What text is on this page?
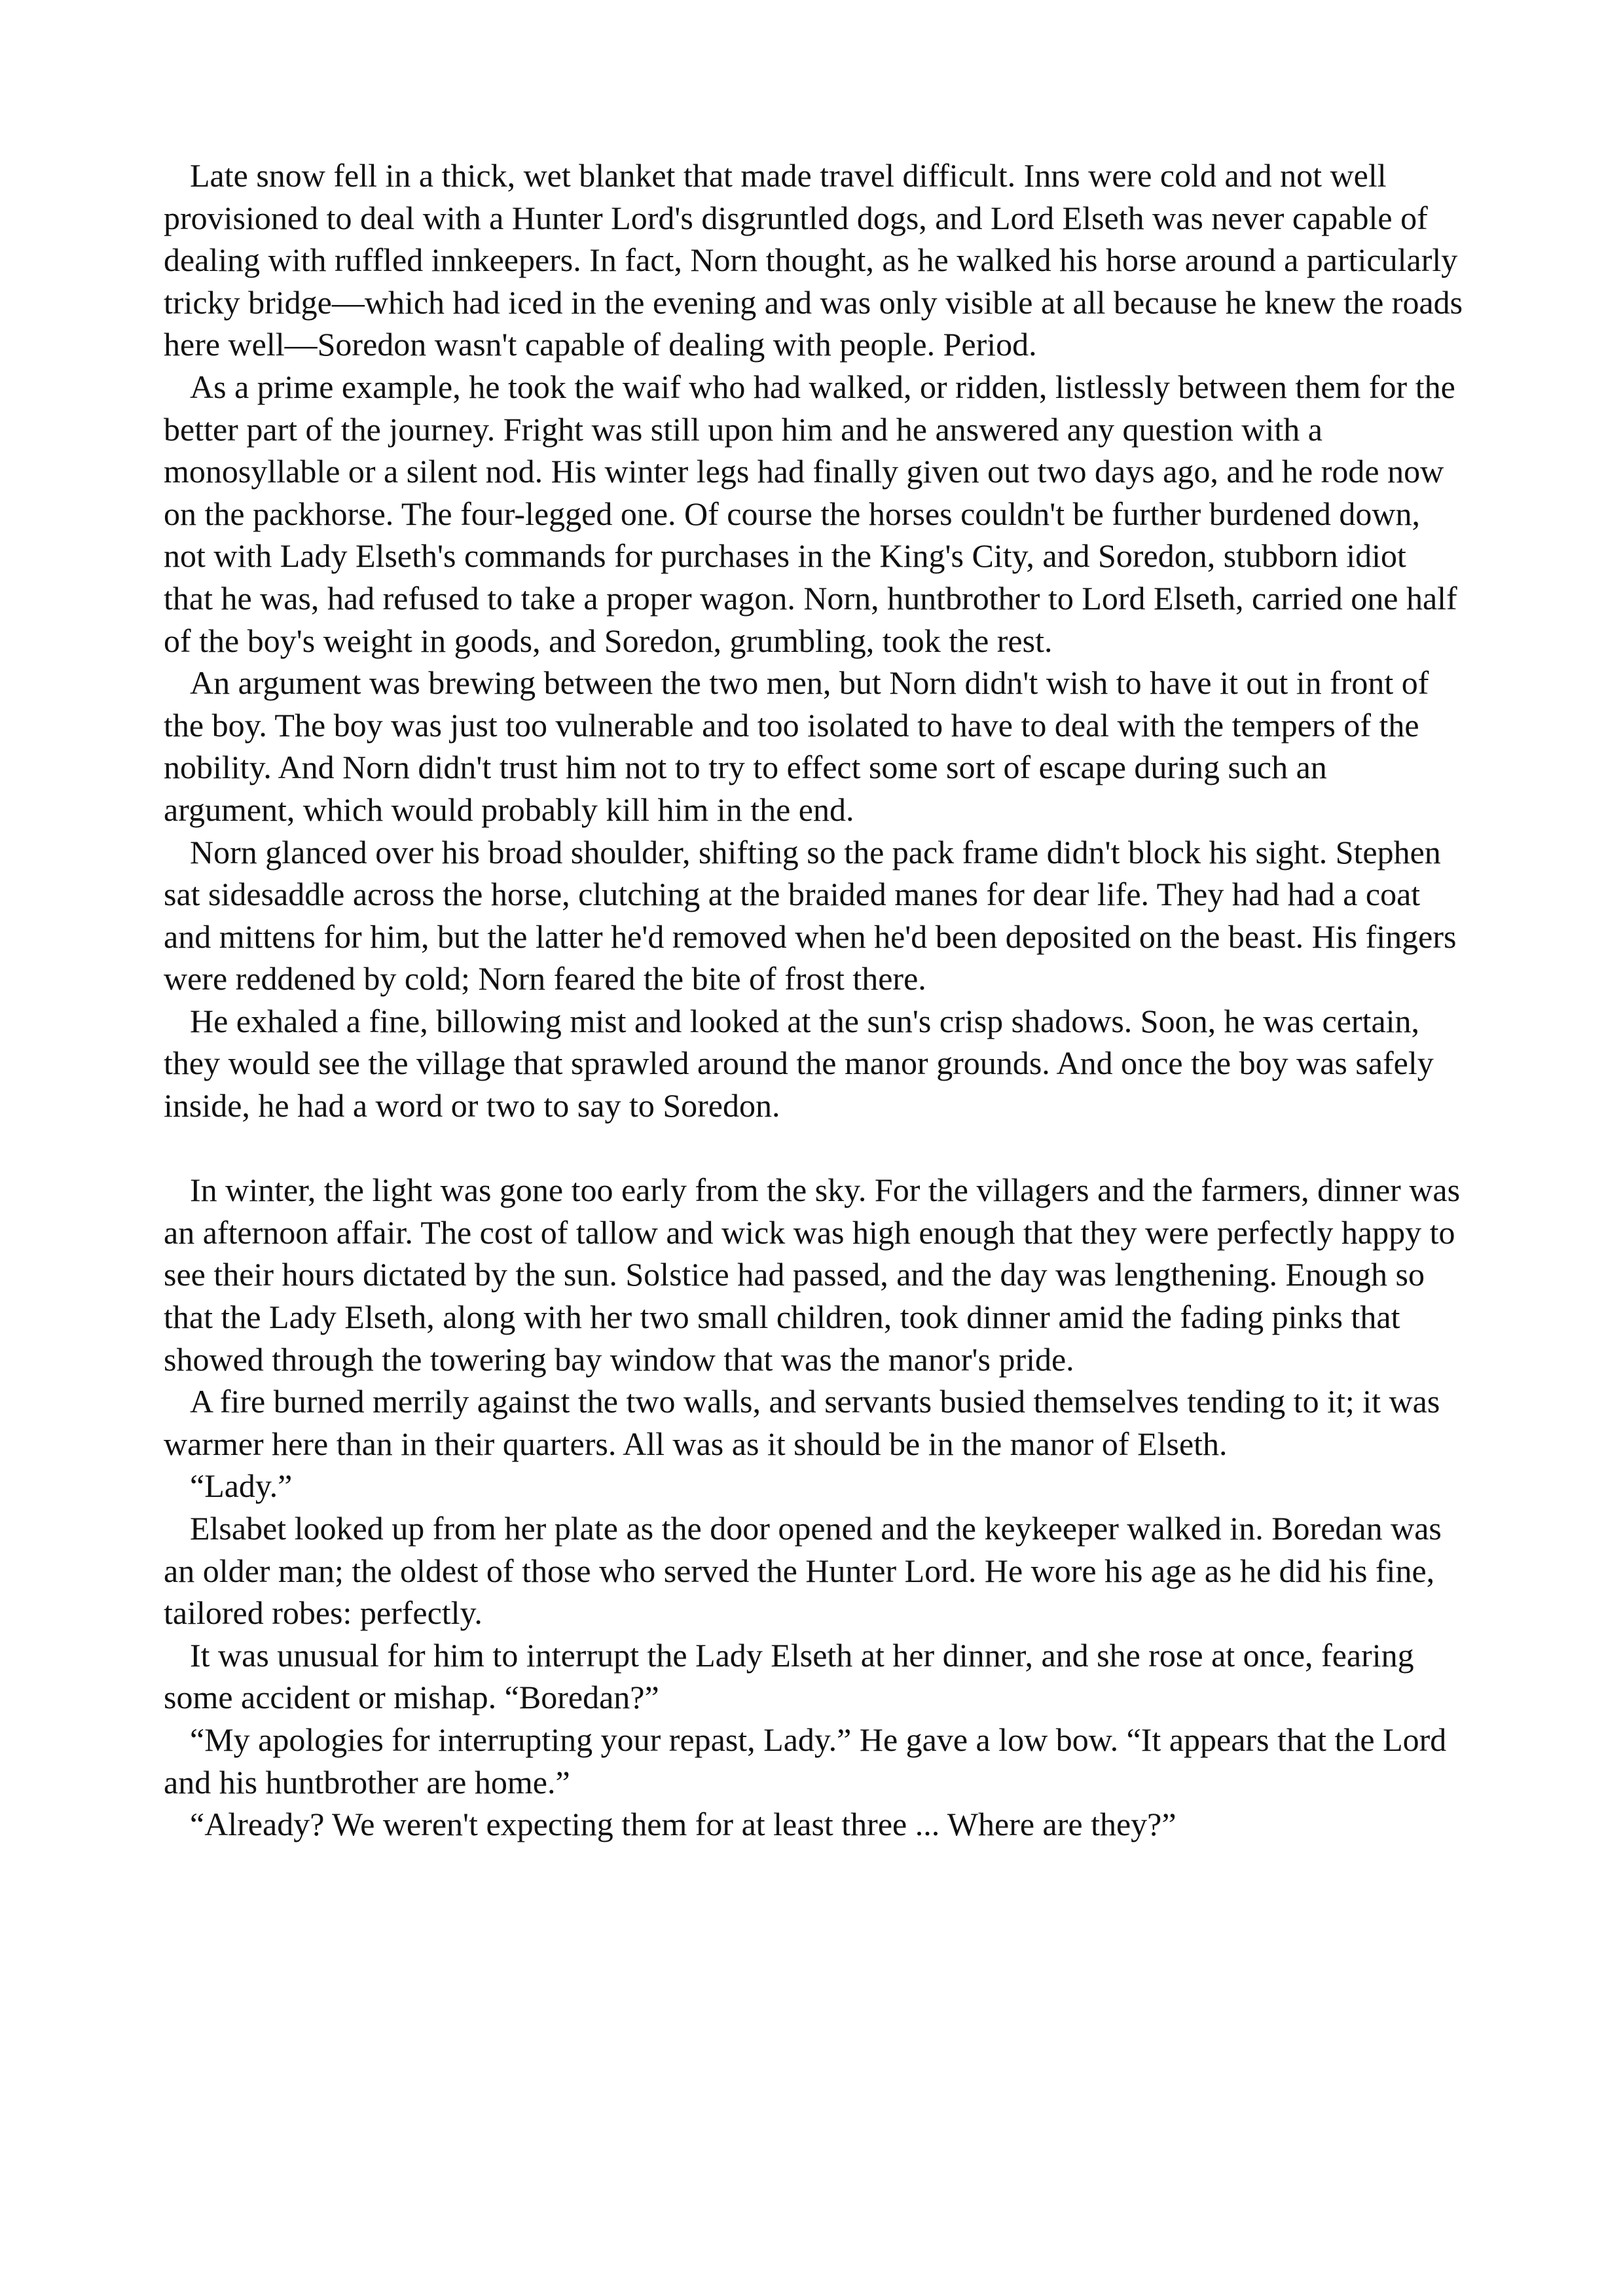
Late snow fell in a thick, wet blanket that made travel difficult. Inns were cold and not well provisioned to deal with a Hunter Lord's disgruntled dogs, and Lord Elseth was never capable of dealing with ruffled innkeepers. In fact, Norn thought, as he walked his horse around a particularly tricky bridge—which had iced in the evening and was only visible at all because he knew the roads here well—Soredon wasn't capable of dealing with people. Period.

As a prime example, he took the waif who had walked, or ridden, listlessly between them for the better part of the journey. Fright was still upon him and he answered any question with a monosyllable or a silent nod. His winter legs had finally given out two days ago, and he rode now on the packhorse. The four-legged one. Of course the horses couldn't be further burdened down, not with Lady Elseth's commands for purchases in the King's City, and Soredon, stubborn idiot that he was, had refused to take a proper wagon. Norn, huntbrother to Lord Elseth, carried one half of the boy's weight in goods, and Soredon, grumbling, took the rest.

An argument was brewing between the two men, but Norn didn't wish to have it out in front of the boy. The boy was just too vulnerable and too isolated to have to deal with the tempers of the nobility. And Norn didn't trust him not to try to effect some sort of escape during such an argument, which would probably kill him in the end.

Norn glanced over his broad shoulder, shifting so the pack frame didn't block his sight. Stephen sat sidesaddle across the horse, clutching at the braided manes for dear life. They had had a coat and mittens for him, but the latter he'd removed when he'd been deposited on the beast. His fingers were reddened by cold; Norn feared the bite of frost there.

He exhaled a fine, billowing mist and looked at the sun's crisp shadows. Soon, he was certain, they would see the village that sprawled around the manor grounds. And once the boy was safely inside, he had a word or two to say to Soredon.

In winter, the light was gone too early from the sky. For the villagers and the farmers, dinner was an afternoon affair. The cost of tallow and wick was high enough that they were perfectly happy to see their hours dictated by the sun. Solstice had passed, and the day was lengthening. Enough so that the Lady Elseth, along with her two small children, took dinner amid the fading pinks that showed through the towering bay window that was the manor's pride.

A fire burned merrily against the two walls, and servants busied themselves tending to it; it was warmer here than in their quarters. All was as it should be in the manor of Elseth.

“Lady.”

Elsabet looked up from her plate as the door opened and the keykeeper walked in. Boredan was an older man; the oldest of those who served the Hunter Lord. He wore his age as he did his fine, tailored robes: perfectly.

It was unusual for him to interrupt the Lady Elseth at her dinner, and she rose at once, fearing some accident or mishap. “Boredan?”

“My apologies for interrupting your repast, Lady.” He gave a low bow. “It appears that the Lord and his huntbrother are home.”

“Already? We weren't expecting them for at least three ... Where are they?”
